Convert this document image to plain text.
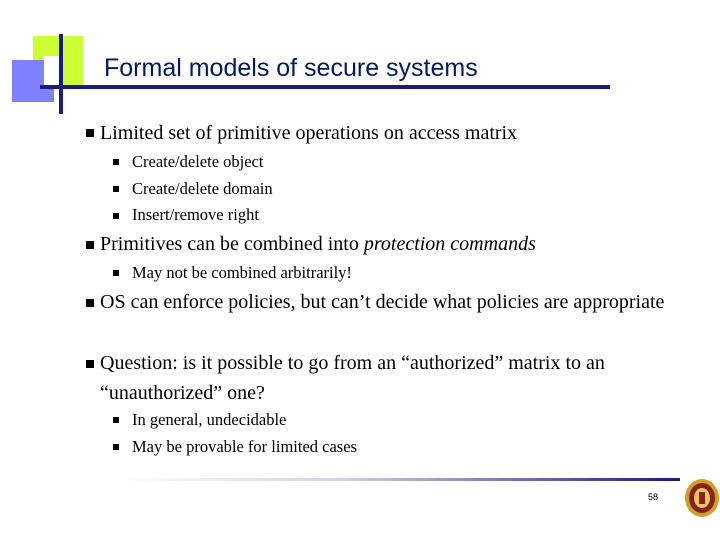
Formal models of secure systems
Limited set of primitive operations on access matrix
Create/delete object
Create/delete domain
Insert/remove right
Primitives can be combined into protection commands
May not be combined arbitrarily!
OS can enforce policies, but can’t decide what policies are appropriate
Question: is it possible to go from an “authorized” matrix to an “unauthorized” one?
In general, undecidable
May be provable for limited cases
58
